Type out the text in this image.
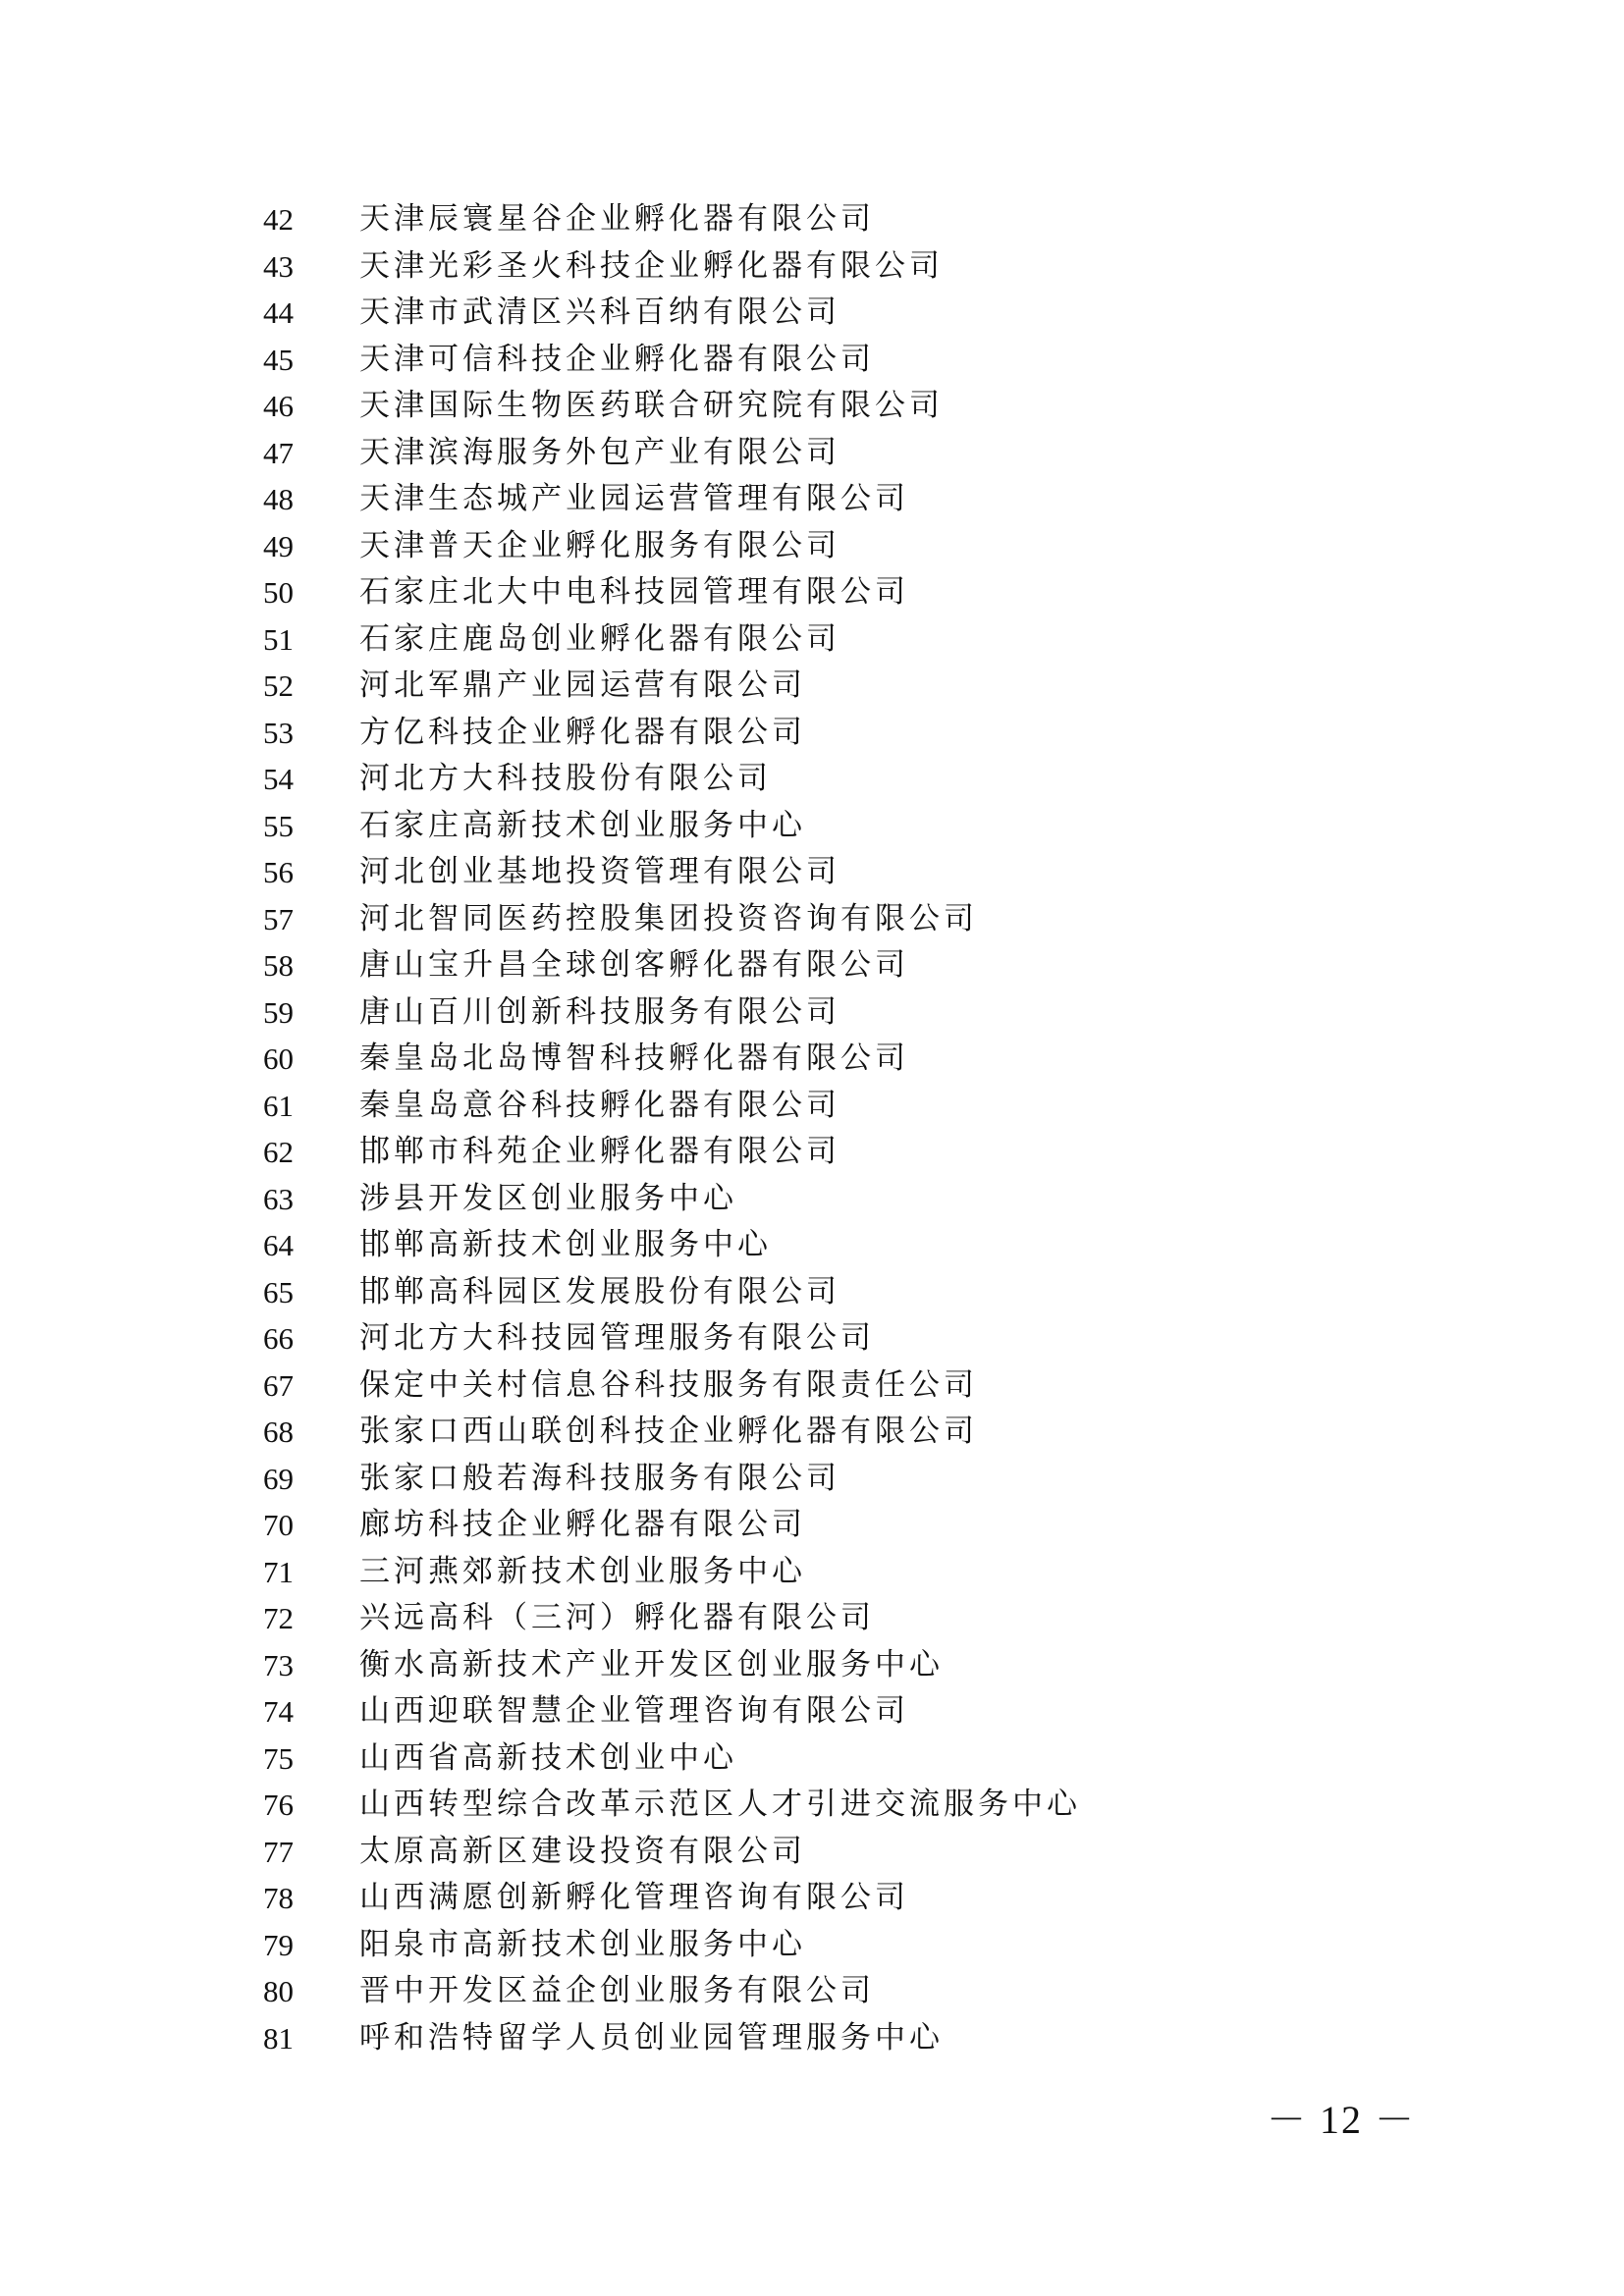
42	天津辰寰星谷企业孵化器有限公司
43	天津光彩圣火科技企业孵化器有限公司
44	天津市武清区兴科百纳有限公司
45	天津可信科技企业孵化器有限公司
46	天津国际生物医药联合研究院有限公司
47	天津滨海服务外包产业有限公司
48	天津生态城产业园运营管理有限公司
49	天津普天企业孵化服务有限公司
50	石家庄北大中电科技园管理有限公司
51	石家庄鹿岛创业孵化器有限公司
52	河北军鼎产业园运营有限公司
53	方亿科技企业孵化器有限公司
54	河北方大科技股份有限公司
55	石家庄高新技术创业服务中心
56	河北创业基地投资管理有限公司
57	河北智同医药控股集团投资咨询有限公司
58	唐山宝升昌全球创客孵化器有限公司
59	唐山百川创新科技服务有限公司
60	秦皇岛北岛博智科技孵化器有限公司
61	秦皇岛意谷科技孵化器有限公司
62	邯郸市科苑企业孵化器有限公司
63	涉县开发区创业服务中心
64	邯郸高新技术创业服务中心
65	邯郸高科园区发展股份有限公司
66	河北方大科技园管理服务有限公司
67	保定中关村信息谷科技服务有限责任公司
68	张家口西山联创科技企业孵化器有限公司
69	张家口般若海科技服务有限公司
70	廊坊科技企业孵化器有限公司
71	三河燕郊新技术创业服务中心
72	兴远高科（三河）孵化器有限公司
73	衡水高新技术产业开发区创业服务中心
74	山西迎联智慧企业管理咨询有限公司
75	山西省高新技术创业中心
76	山西转型综合改革示范区人才引进交流服务中心
77	太原高新区建设投资有限公司
78	山西满愿创新孵化管理咨询有限公司
79	阳泉市高新技术创业服务中心
80	晋中开发区益企创业服务有限公司
81	呼和浩特留学人员创业园管理服务中心
－ 12 －
